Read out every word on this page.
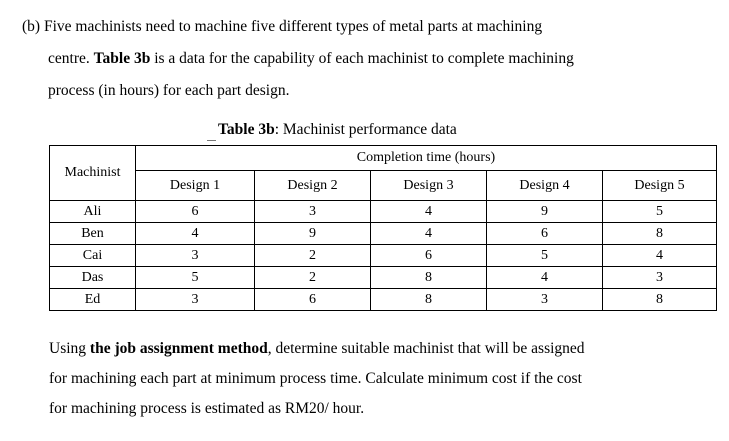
(b) Five machinists need to machine five different types of metal parts at machining
centre. Table 3b is a data for the capability of each machinist to complete machining
process (in hours) for each part design.
Table 3b: Machinist performance data
Machinist	Completion time (hours)				
	Design 1	Design 2	Design 3	Design 4	Design 5
Ali	6	3	4	9	5
Ben	4	9	4	6	8
Cai	3	2	6	5	4
Das	5	2	8	4	3
Ed	3	6	8	3	8
Using the job assignment method, determine suitable machinist that will be assigned
for machining each part at minimum process time. Calculate minimum cost if the cost
for machining process is estimated as RM20/ hour.
